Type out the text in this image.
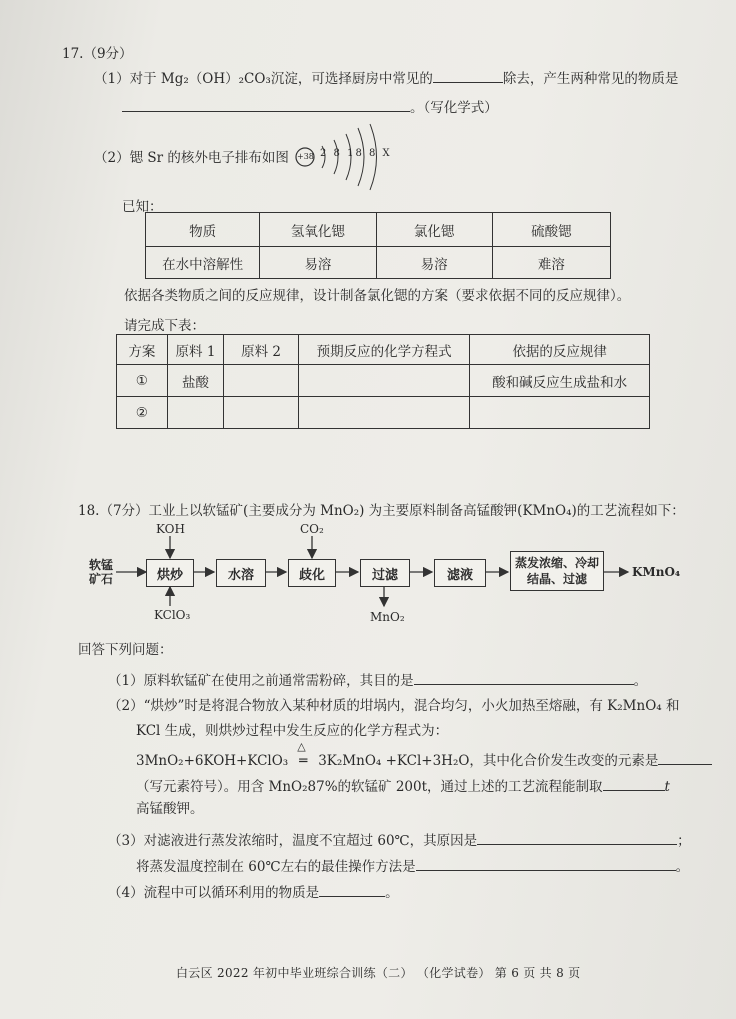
17.（9分）
（1）对于 Mg₂（OH）₂CO₃沉淀，可选择厨房中常见的	除去，产生两种常见的物质是
。（写化学式）
（2）锶 Sr 的核外电子排布如图 +38 2 8 18 8 X
已知：
物质	氢氧化锶	氯化锶	硫酸锶
在水中溶解性	易溶	易溶	难溶
依据各类物质之间的反应规律，设计制备氯化锶的方案（要求依据不同的反应规律）。
请完成下表：
方案	原料 1	原料 2	预期反应的化学方程式	依据的反应规律
①	盐酸			酸和碱反应生成盐和水
②				
18.（7分）工业上以软锰矿(主要成分为 MnO₂) 为主要原料制备高锰酸钾(KMnO₄)的工艺流程如下：
软锰矿石	烘炒	水溶	歧化	过滤	滤液
蒸发浓缩、冷却结晶、过滤	KMnO₄
KOH
KClO₃
CO₂
MnO₂
回答下列问题：
（1）原料软锰矿在使用之前通常需粉碎，其目的是	。
（2）“烘炒”时是将混合物放入某种材质的坩埚内，混合均匀，小火加热至熔融，有 K₂MnO₄ 和
KCl 生成，则烘炒过程中发生反应的化学方程式为：
3MnO₂+6KOH+KClO₃
△
═ 3K₂MnO₄ +KCl+3H₂O，其中化合价发生改变的元素是
（写元素符号）。用含 MnO₂87%的软锰矿 200t，通过上述的工艺流程能制取	t
高锰酸钾。
（3）对滤液进行蒸发浓缩时，温度不宜超过 60℃，其原因是	；
将蒸发温度控制在 60℃左右的最佳操作方法是	。
（4）流程中可以循环利用的物质是	。
白云区 2022 年初中毕业班综合训练（二） （化学试卷） 第 6 页 共 8 页
